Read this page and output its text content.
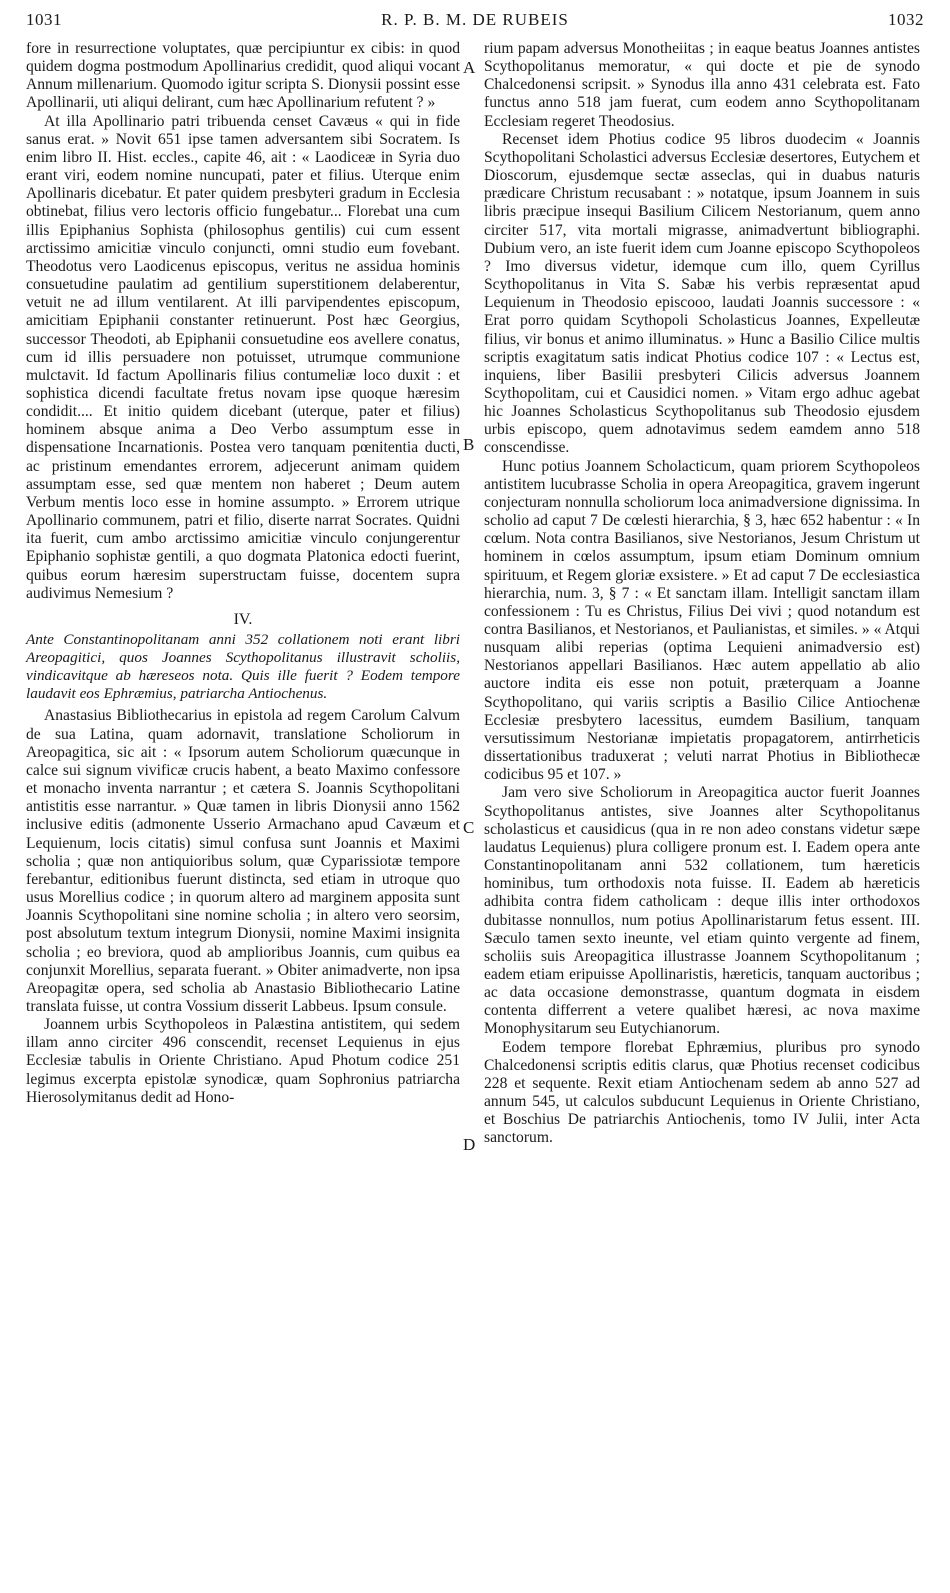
1031	R. P. B. M. DE RUBEIS	1032

fore in resurrectione voluptates, quæ percipiuntur ex cibis: in quod quidem dogma postmodum Apollinarius credidit, quod aliqui vocant Annum millenarium. Quomodo igitur scripta S. Dionysii possint esse Apollinarii, uti aliqui delirant, cum hæc Apollinarium refutent ? »

At illa Apollinario patri tribuenda censet Cavæus « qui in fide sanus erat. » Novit 651 ipse tamen adversantem sibi Socratem. Is enim libro II. Hist. eccles., capite 46, ait : « Laodiceæ in Syria duo erant viri, eodem nomine nuncupati, pater et filius. Uterque enim Apollinaris dicebatur. Et pater quidem presbyteri gradum in Ecclesia obtinebat, filius vero lectoris officio fungebatur... Florebat una cum illis Epiphanius Sophista (philosophus gentilis) cui cum essent arctissimo amicitiæ vinculo conjuncti, omni studio eum fovebant. Theodotus vero Laodicenus episcopus, veritus ne assidua hominis consuetudine paulatim ad gentilium superstitionem delaberentur, vetuit ne ad illum ventilarent. At illi parvipendentes episcopum, amicitiam Epiphanii constanter retinuerunt. Post hæc Georgius, successor Theodoti, ab Epiphanii consuetudine eos avellere conatus, cum id illis persuadere non potuisset, utrumque communione mulctavit. Id factum Apollinaris filius contumeliæ loco duxit : et sophistica dicendi facultate fretus novam ipse quoque hæresim condidit.... Et initio quidem dicebant (uterque, pater et filius) hominem absque anima a Deo Verbo assumptum esse in dispensatione Incarnationis. Postea vero tanquam pœnitentia ducti, ac pristinum emendantes errorem, adjecerunt animam quidem assumptam esse, sed quæ mentem non haberet ; Deum autem Verbum mentis loco esse in homine assumpto. » Errorem utrique Apollinario communem, patri et filio, diserte narrat Socrates. Quidni ita fuerit, cum ambo arctissimo amicitiæ vinculo conjungerentur Epiphanio sophistæ gentili, a quo dogmata Platonica edocti fuerint, quibus eorum hæresim superstructam fuisse, docentem supra audivimus Nemesium ?

IV.
Ante Constantinopolitanam anni 352 collationem noti erant libri Areopagitici, quos Joannes Scythopolitanus illustravit scholiis, vindicavitque ab hæreseos nota. Quis ille fuerit ? Eodem tempore laudavit eos Ephræmius, patriarcha Antiochenus.

Anastasius Bibliothecarius in epistola ad regem Carolum Calvum de sua Latina, quam adornavit, translatione Scholiorum in Areopagitica, sic ait : « Ipsorum autem Scholiorum quæcunque in calce sui signum vivificæ crucis habent, a beato Maximo confessore et monacho inventa narrantur ; et cætera S. Joannis Scythopolitani antistitis esse narrantur. » Quæ tamen in libris Dionysii anno 1562 inclusive editis (admonente Usserio Armachano apud Cavæum et Lequienum, locis citatis) simul confusa sunt Joannis et Maximi scholia ; quæ non antiquioribus solum, quæ Cyparissiotæ tempore ferebantur, editionibus fuerunt distincta, sed etiam in utroque quo usus Morellius codice ; in quorum altero ad marginem apposita sunt Joannis Scythopolitani sine nomine scholia ; in altero vero seorsim, post absolutum textum integrum Dionysii, nomine Maximi insignita scholia ; eo breviora, quod ab amplioribus Joannis, cum quibus ea conjunxit Morellius, separata fuerant. » Obiter animadverte, non ipsa Areopagitæ opera, sed scholia ab Anastasio Bibliothecario Latine translata fuisse, ut contra Vossium disserit Labbeus. Ipsum consule.

Joannem urbis Scythopoleos in Palæstina antistitem, qui sedem illam anno circiter 496 conscendit, recenset Lequienus in ejus Ecclesiæ tabulis in Oriente Christiano. Apud Photum codice 251 legimus excerpta epistolæ synodicæ, quam Sophronius patriarcha Hierosolymitanus dedit ad Hono-

rium papam adversus Monotheiitas ; in eaque beatus Joannes antistes Scythopolitanus memoratur, « qui docte et pie de synodo Chalcedonensi scripsit. » Synodus illa anno 431 celebrata est. Fato functus anno 518 jam fuerat, cum eodem anno Scythopolitanam Ecclesiam regeret Theodosius.

Recenset idem Photius codice 95 libros duodecim « Joannis Scythopolitani Scholastici adversus Ecclesiæ desertores, Eutychem et Dioscorum, ejusdemque sectæ asseclas, qui in duabus naturis prædicare Christum recusabant : » notatque, ipsum Joannem in suis libris præcipue insequi Basilium Cilicem Nestorianum, quem anno circiter 517, vita mortali migrasse, animadvertunt bibliographi. Dubium vero, an iste fuerit idem cum Joanne episcopo Scythopoleos ? Imo diversus videtur, idemque cum illo, quem Cyrillus Scythopolitanus in Vita S. Sabæ his verbis repræsentat apud Lequienum in Theodosio episcooo, laudati Joannis successore : « Erat porro quidam Scythopoli Scholasticus Joannes, Expelleutæ filius, vir bonus et animo illuminatus. » Hunc a Basilio Cilice multis scriptis exagitatum satis indicat Photius codice 107 : « Lectus est, inquiens, liber Basilii presbyteri Cilicis adversus Joannem Scythopolitam, cui et Causidici nomen. » Vitam ergo adhuc agebat hic Joannes Scholasticus Scythopolitanus sub Theodosio ejusdem urbis episcopo, quem adnotavimus sedem eamdem anno 518 conscendisse.

Hunc potius Joannem Scholacticum, quam priorem Scythopoleos antistitem lucubrasse Scholia in opera Areopagitica, gravem ingerunt conjecturam nonnulla scholiorum loca animadversione dignissima. In scholio ad caput 7 De cœlesti hierarchia, § 3, hæc 652 habentur : « In cœlum. Nota contra Basilianos, sive Nestorianos, Jesum Christum ut hominem in cœlos assumptum, ipsum etiam Dominum omnium spirituum, et Regem gloriæ exsistere. » Et ad caput 7 De ecclesiastica hierarchia, num. 3, § 7 : « Et sanctam illam. Intelligit sanctam illam confessionem : Tu es Christus, Filius Dei vivi ; quod notandum est contra Basilianos, et Nestorianos, et Paulianistas, et similes. » « Atqui nusquam alibi reperias (optima Lequieni animadversio est) Nestorianos appellari Basilianos. Hæc autem appellatio ab alio auctore indita eis esse non potuit, præterquam a Joanne Scythopolitano, qui variis scriptis a Basilio Cilice Antiochenæ Ecclesiæ presbytero lacessitus, eumdem Basilium, tanquam versutissimum Nestorianæ impietatis propagatorem, antirrheticis dissertationibus traduxerat ; veluti narrat Photius in Bibliothecæ codicibus 95 et 107. »

Jam vero sive Scholiorum in Areopagitica auctor fuerit Joannes Scythopolitanus antistes, sive Joannes alter Scythopolitanus scholasticus et causidicus (qua in re non adeo constans videtur sæpe laudatus Lequienus) plura colligere pronum est. I. Eadem opera ante Constantinopolitanam anni 532 collationem, tum hæreticis hominibus, tum orthodoxis nota fuisse. II. Eadem ab hæreticis adhibita contra fidem catholicam : deque illis inter orthodoxos dubitasse nonnullos, num potius Apollinaristarum fetus essent. III. Sæculo tamen sexto ineunte, vel etiam quinto vergente ad finem, scholiis suis Areopagitica illustrasse Joannem Scythopolitanum ; eadem etiam eripuisse Apollinaristis, hæreticis, tanquam auctoribus ; ac data occasione demonstrasse, quantum dogmata in eisdem contenta differrent a vetere qualibet hæresi, ac nova maxime Monophysitarum seu Eutychianorum.

Eodem tempore florebat Ephræmius, pluribus pro synodo Chalcedonensi scriptis editis clarus, quæ Photius recenset codicibus 228 et sequente. Rexit etiam Antiochenam sedem ab anno 527 ad annum 545, ut calculos subducunt Lequienus in Oriente Christiano, et Boschius De patriarchis Antiochenis, tomo IV Julii, inter Acta sanctorum.

A
B
C
D
